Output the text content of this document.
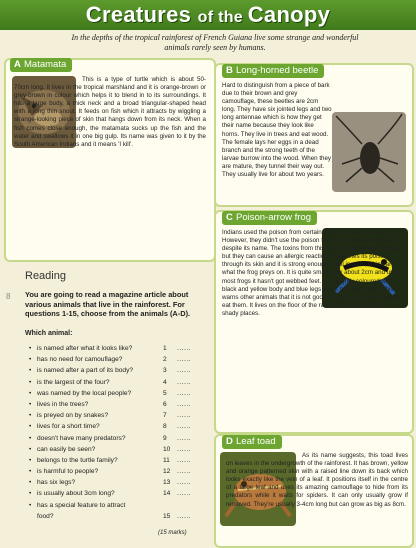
Creatures of the Canopy
In the depths of the tropical rainforest of French Guiana live some strange and wonderful animals rarely seen by humans.
A Matamata
This is a type of turtle which is about 50-70cm long. It lives in the tropical marshland and it is orange-brown or grey-brown in colour which helps it to blend in to its surroundings. It has a large body, a thick neck and a broad triangular-shaped head with a long thin snout. It feeds on fish which it attracts by wiggling a strange-looking piece of skin that hangs down from its neck. When a fish comes close enough, the matamata sucks up the fish and the water and swallows it in one big gulp. Its name was given to it by the South American Indians and it means 'I kill'.
B Long-horned beetle
Hard to distinguish from a piece of bark due to their brown and grey camouflage, these beetles are 2cm long. They have six jointed legs and two long antennae which is how they get their name because they look like horns. They live in trees and eat wood. The female lays her eggs in a dead branch and the strong teeth of the larvae burrow into the wood. When they are mature, they tunnel their way out. They usually live for about two years.
C Poison-arrow frog
Indians used the poison from certain frogs to tip their arrows. However, they didn't use the poison from this particular species despite its name. The toxins from this frog are not actually deadly, but they can cause an allergic reaction. It secretes its poison through its skin and it is strong enough to kill insects, which are what the frog preys on. It is quite small, only about 2cm and unlike most frogs it hasn't got webbed feet. It is brightly coloured with a black and yellow body and blue legs and it has shiny skin. This warns other animals that it is not good to eat so very few animals eat them. It lives on the floor of the rainforest and likes moist, shady places.
D Leaf toad
As its name suggests, this toad lives on leaves in the undergrowth of the rainforest. It has brown, yellow and orange patterned skin with a raised line down its back which looks exactly like the vein of a leaf. It positions itself in the centre of a large leaf and uses its amazing camouflage to hide from its predators while it waits for spiders. It can only usually grow if removed. They're usually 3-4cm long but can grow as big as 8cm.
8
Reading
You are going to read a magazine article about various animals that live in the rainforest. For questions 1-15, choose from the animals (A-D).
Which animal:
• is named after what it looks like?	1 ......
• has no need for camouflage?	2 ......
• is named after a part of its body?	3 ......
• is the largest of the four?	4 ......
• was named by the local people?	5 ......
• lives in the trees?	6 ......
• is preyed on by snakes?	7 ......
• lives for a short time?	8 ......
• doesn't have many predators?	9 ......
• can easily be seen?	10 ......
• belongs to the turtle family?	11 ......
• is harmful to people?	12 ......
• has six legs?	13 ......
• is usually about 3cm long?	14 ......
• has a special feature to attract
food?	15 ......
(15 marks)
